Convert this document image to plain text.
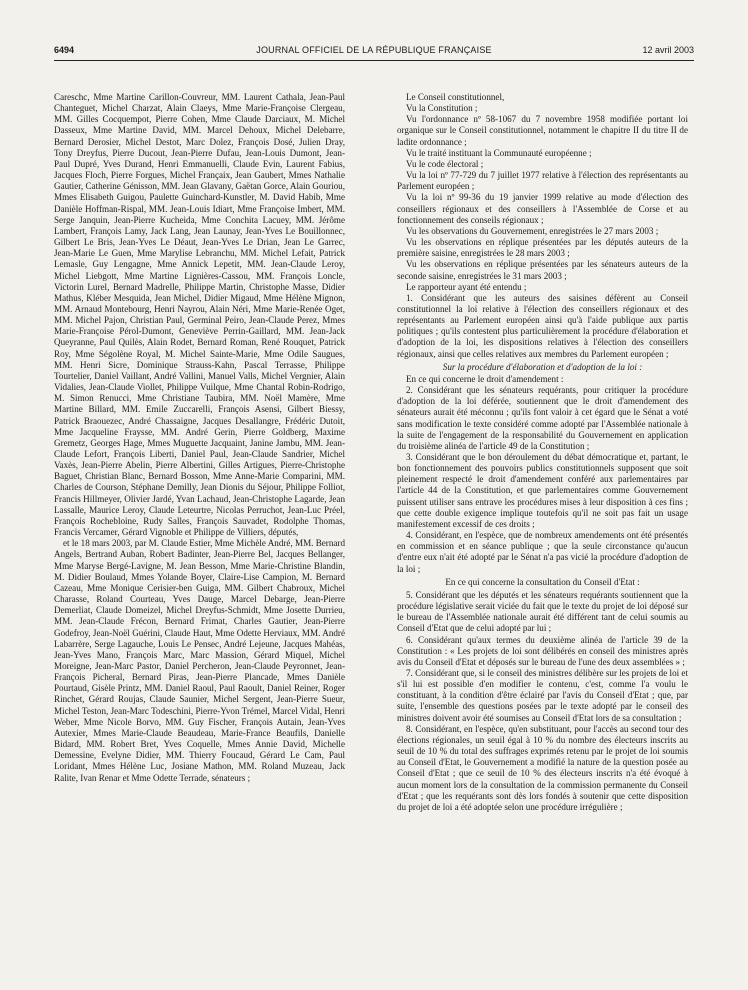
6494	JOURNAL OFFICIEL DE LA RÉPUBLIQUE FRANÇAISE	12 avril 2003

Careschc, Mme Martine Carillon-Couvreur, MM. Laurent Cathala, Jean-Paul Chanteguet, Michel Charzat, Alain Claeys, Mme Marie-Françoise Clergeau, MM. Gilles Cocquempot, Pierre Cohen, Mme Claude Darciaux, M. Michel Dasseux, Mme Martine David, MM. Marcel Dehoux, Michel Delebarre, Bernard Derosier, Michel Destot, Marc Dolez, François Dosé, Julien Dray, Tony Dreyfus, Pierre Ducout, Jean-Pierre Dufau, Jean-Louis Dumont, Jean-Paul Dupré, Yves Durand, Henri Emmanuelli, Claude Evin, Laurent Fabius, Jacques Floch, Pierre Forgues, Michel Françaix, Jean Gaubert, Mmes Nathalie Gautier, Catherine Génisson, MM. Jean Glavany, Gaëtan Gorce, Alain Gouriou, Mmes Elisabeth Guigou, Paulette Guinchard-Kunstler, M. David Habib, Mme Danièle Hoffman-Rispal, MM. Jean-Louis Idiart, Mme Françoise Imbert, MM. Serge Janquin, Jean-Pierre Kucheida, Mme Conchita Lacuey, MM. Jérôme Lambert, François Lamy, Jack Lang, Jean Launay, Jean-Yves Le Bouillonnec, Gilbert Le Bris, Jean-Yves Le Déaut, Jean-Yves Le Drian, Jean Le Garrec, Jean-Marie Le Guen, Mme Marylise Lebranchu, MM. Michel Lefait, Patrick Lemasle, Guy Lengagne, Mme Annick Lepetit, MM. Jean-Claude Leroy, Michel Liebgott, Mme Martine Lignières-Cassou, MM. François Loncle, Victorin Lurel, Bernard Madrelle, Philippe Martin, Christophe Masse, Didier Mathus, Kléber Mesquida, Jean Michel, Didier Migaud, Mme Hélène Mignon, MM. Arnaud Montebourg, Henri Nayrou, Alain Néri, Mme Marie-Renée Oget, MM. Michel Pajon, Christian Paul, Germinal Peiro, Jean-Claude Perez, Mmes Marie-Françoise Pérol-Dumont, Geneviève Perrin-Gaillard, MM. Jean-Jack Queyranne, Paul Quilès, Alain Rodet, Bernard Roman, René Rouquet, Patrick Roy, Mme Ségolène Royal, M. Michel Sainte-Marie, Mme Odile Saugues, MM. Henri Sicre, Dominique Strauss-Kahn, Pascal Terrasse, Philippe Tourtelier, Daniel Vaillant, André Vallini, Manuel Valls, Michel Vergnier, Alain Vidalies, Jean-Claude Viollet, Philippe Vuilque, Mme Chantal Robin-Rodrigo, M. Simon Renucci, Mme Christiane Taubira, MM. Noël Mamère, Mme Martine Billard, MM. Emile Zuccarelli, François Asensi, Gilbert Biessy, Patrick Braouezec, André Chassaigne, Jacques Desallangre, Frédéric Dutoit, Mme Jacqueline Fraysse, MM. André Gerin, Pierre Goldberg, Maxime Gremetz, Georges Hage, Mmes Muguette Jacquaint, Janine Jambu, MM. Jean-Claude Lefort, François Liberti, Daniel Paul, Jean-Claude Sandrier, Michel Vaxès, Jean-Pierre Abelin, Pierre Albertini, Gilles Artigues, Pierre-Christophe Baguet, Christian Blanc, Bernard Bosson, Mme Anne-Marie Comparini, MM. Charles de Courson, Stéphane Demilly, Jean Dionis du Séjour, Philippe Folliot, Francis Hillmeyer, Olivier Jardé, Yvan Lachaud, Jean-Christophe Lagarde, Jean Lassalle, Maurice Leroy, Claude Leteurtre, Nicolas Perruchot, Jean-Luc Préel, François Rochebloine, Rudy Salles, François Sauvadet, Rodolphe Thomas, Francis Vercamer, Gérard Vignoble et Philippe de Villiers, députés,

et le 18 mars 2003, par M. Claude Estier, Mme Michèle André, MM. Bernard Angels, Bertrand Auban, Robert Badinter, Jean-Pierre Bel, Jacques Bellanger, Mme Maryse Bergé-Lavigne, M. Jean Besson, Mme Marie-Christine Blandin, M. Didier Boulaud, Mmes Yolande Boyer, Claire-Lise Campion, M. Bernard Cazeau, Mme Monique Cerisier-ben Guiga, MM. Gilbert Chabroux, Michel Charasse, Roland Courteau, Yves Dauge, Marcel Debarge, Jean-Pierre Demerliat, Claude Domeizel, Michel Dreyfus-Schmidt, Mme Josette Durrieu, MM. Jean-Claude Frécon, Bernard Frimat, Charles Gautier, Jean-Pierre Godefroy, Jean-Noël Guérini, Claude Haut, Mme Odette Herviaux, MM. André Labarrère, Serge Lagauche, Louis Le Pensec, André Lejeune, Jacques Mahéas, Jean-Yves Mano, François Marc, Marc Massion, Gérard Miquel, Michel Moreigne, Jean-Marc Pastor, Daniel Percheron, Jean-Claude Peyronnet, Jean-François Picheral, Bernard Piras, Jean-Pierre Plancade, Mmes Danièle Pourtaud, Gisèle Printz, MM. Daniel Raoul, Paul Raoult, Daniel Reiner, Roger Rinchet, Gérard Roujas, Claude Saunier, Michel Sergent, Jean-Pierre Sueur, Michel Teston, Jean-Marc Todeschini, Pierre-Yvon Trémel, Marcel Vidal, Henri Weber, Mme Nicole Borvo, MM. Guy Fischer, François Autain, Jean-Yves Autexier, Mmes Marie-Claude Beaudeau, Marie-France Beaufils, Danielle Bidard, MM. Robert Bret, Yves Coquelle, Mmes Annie David, Michelle Demessine, Evelyne Didier, MM. Thierry Foucaud, Gérard Le Cam, Paul Loridant, Mmes Hélène Luc, Josiane Mathon, MM. Roland Muzeau, Jack Ralite, Ivan Renar et Mme Odette Terrade, sénateurs ;

Le Conseil constitutionnel,

Vu la Constitution ;

Vu l'ordonnance nº 58-1067 du 7 novembre 1958 modifiée portant loi organique sur le Conseil constitutionnel, notamment le chapitre II du titre II de ladite ordonnance ;

Vu le traité instituant la Communauté européenne ;

Vu le code électoral ;

Vu la loi nº 77-729 du 7 juillet 1977 relative à l'élection des représentants au Parlement européen ;

Vu la loi nº 99-36 du 19 janvier 1999 relative au mode d'élection des conseillers régionaux et des conseillers à l'Assemblée de Corse et au fonctionnement des conseils régionaux ;

Vu les observations du Gouvernement, enregistrées le 27 mars 2003 ;

Vu les observations en réplique présentées par les députés auteurs de la première saisine, enregistrées le 28 mars 2003 ;

Vu les observations en réplique présentées par les sénateurs auteurs de la seconde saisine, enregistrées le 31 mars 2003 ;

Le rapporteur ayant été entendu ;

1. Considérant que les auteurs des saisines défèrent au Conseil constitutionnel la loi relative à l'élection des conseillers régionaux et des représentants au Parlement européen ainsi qu'à l'aide publique aux partis politiques ; qu'ils contestent plus particulièrement la procédure d'élaboration et d'adoption de la loi, les dispositions relatives à l'élection des conseillers régionaux, ainsi que celles relatives aux membres du Parlement européen ;

Sur la procédure d'élaboration et d'adoption de la loi :

En ce qui concerne le droit d'amendement :

2. Considérant que les sénateurs requérants, pour critiquer la procédure d'adoption de la loi déférée, soutiennent que le droit d'amendement des sénateurs aurait été méconnu ; qu'ils font valoir à cet égard que le Sénat a voté sans modification le texte considéré comme adopté par l'Assemblée nationale à la suite de l'engagement de la responsabilité du Gouvernement en application du troisième alinéa de l'article 49 de la Constitution ;

3. Considérant que le bon déroulement du débat démocratique et, partant, le bon fonctionnement des pouvoirs publics constitutionnels supposent que soit pleinement respecté le droit d'amendement conféré aux parlementaires par l'article 44 de la Constitution, et que parlementaires comme Gouvernement puissent utiliser sans entrave les procédures mises à leur disposition à ces fins ; que cette double exigence implique toutefois qu'il ne soit pas fait un usage manifestement excessif de ces droits ;

4. Considérant, en l'espèce, que de nombreux amendements ont été présentés en commission et en séance publique ; que la seule circonstance qu'aucun d'entre eux n'ait été adopté par le Sénat n'a pas vicié la procédure d'adoption de la loi ;

En ce qui concerne la consultation du Conseil d'Etat :

5. Considérant que les députés et les sénateurs requérants soutiennent que la procédure législative serait viciée du fait que le texte du projet de loi déposé sur le bureau de l'Assemblée nationale aurait été différent tant de celui soumis au Conseil d'Etat que de celui adopté par lui ;

6. Considérant qu'aux termes du deuxième alinéa de l'article 39 de la Constitution : « Les projets de loi sont délibérés en conseil des ministres après avis du Conseil d'Etat et déposés sur le bureau de l'une des deux assemblées » ;

7. Considérant que, si le conseil des ministres délibère sur les projets de loi et s'il lui est possible d'en modifier le contenu, c'est, comme l'a voulu le constituant, à la condition d'être éclairé par l'avis du Conseil d'Etat ; que, par suite, l'ensemble des questions posées par le texte adopté par le conseil des ministres doivent avoir été soumises au Conseil d'Etat lors de sa consultation ;

8. Considérant, en l'espèce, qu'en substituant, pour l'accès au second tour des élections régionales, un seuil égal à 10 % du nombre des électeurs inscrits au seuil de 10 % du total des suffrages exprimés retenu par le projet de loi soumis au Conseil d'Etat, le Gouvernement a modifié la nature de la question posée au Conseil d'Etat ; que ce seuil de 10 % des électeurs inscrits n'a été évoqué à aucun moment lors de la consultation de la commission permanente du Conseil d'Etat ; que les requérants sont dès lors fondés à soutenir que cette disposition du projet de loi a été adoptée selon une procédure irrégulière ;
